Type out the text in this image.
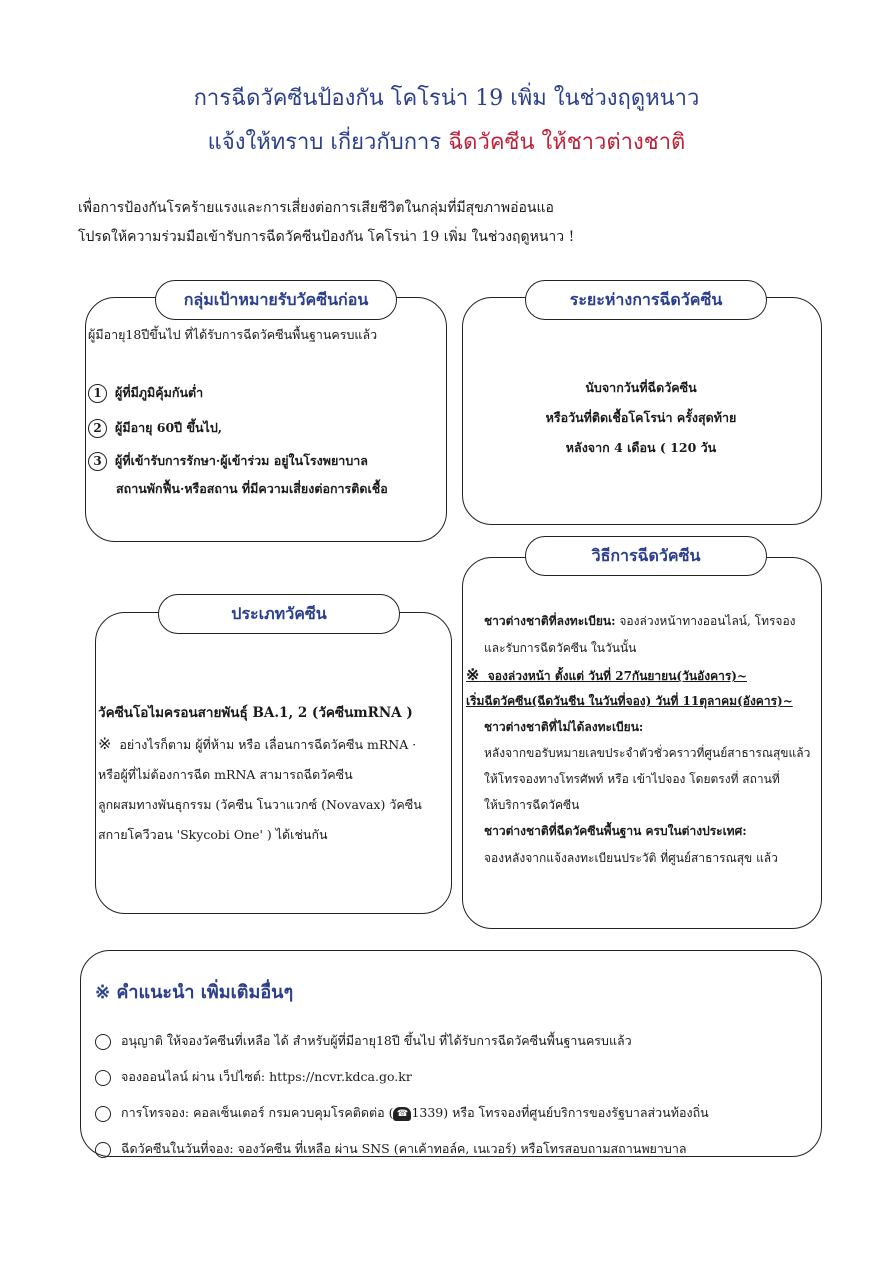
การฉีดวัคซีนป้องกัน โคโรน่า 19 เพิ่ม ในช่วงฤดูหนาว
แจ้งให้ทราบ เกี่ยวกับการ ฉีดวัคซีน ให้ชาวต่างชาติ
เพื่อการป้องกันโรคร้ายแรงและการเสี่ยงต่อการเสียชีวิตในกลุ่มที่มีสุขภาพอ่อนแอ
โปรดให้ความร่วมมือเข้ารับการฉีดวัคซีนป้องกัน โคโรน่า 19 เพิ่ม ในช่วงฤดูหนาว !
กลุ่มเป้าหมายรับวัคซีนก่อน
ผู้มีอายุ18ปีขึ้นไป ที่ได้รับการฉีดวัคซีนพื้นฐานครบแล้ว
1 ผู้ที่มีภูมิคุ้มกันต่ำ
2 ผู้มีอายุ 60ปี ขึ้นไป,
3 ผู้ที่เข้ารับการรักษา·ผู้เข้าร่วม อยู่ในโรงพยาบาล
สถานพักฟื้น·หรือสถาน ที่มีความเสี่ยงต่อการติดเชื้อ
ระยะห่างการฉีดวัคซีน
นับจากวันที่ฉีดวัคซีน
หรือวันที่ติดเชื้อโคโรน่า ครั้งสุดท้าย
หลังจาก 4 เดือน ( 120 วัน
ประเภทวัคซีน
วัคซีนโอไมครอนสายพันธุ์ BA.1, 2 (วัคซีนmRNA )
※ อย่างไรก็ตาม ผู้ที่ห้าม หรือ เลื่อนการฉีดวัคซีน mRNA ·
หรือผู้ที่ไม่ต้องการฉีด mRNA สามารถฉีดวัคซีน
ลูกผสมทางพันธุกรรม (วัคซีน โนวาแวกซ์ (Novavax) วัคซีน
สกายโควีวอน 'Skycobi One' ) ได้เช่นกัน
วิธีการฉีดวัคซีน
ชาวต่างชาติที่ลงทะเบียน: จองล่วงหน้าทางออนไลน์, โทรจอง
และรับการฉีดวัคซีน ในวันนั้น
※ จองล่วงหน้า ตั้งแต่ วันที่ 27กันยายน(วันอังคาร)~
เริ่มฉีดวัคซีน(ฉีดวันชีน ในวันที่จอง) วันที่ 11ตุลาคม(อังคาร)~
ชาวต่างชาติที่ไม่ได้ลงทะเบียน:
หลังจากขอรับหมายเลขประจำตัวชั่วคราวที่ศูนย์สาธารณสุขแล้ว
ให้โทรจองทางโทรศัพท์ หรือ เข้าไปจอง โดยตรงที่ สถานที่
ให้บริการฉีดวัคซีน
ชาวต่างชาติที่ฉีดวัคซีนพื้นฐาน ครบในต่างประเทศ:
จองหลังจากแจ้งลงทะเบียนประวัติ ที่ศูนย์สาธารณสุข แล้ว
※ คำแนะนำ เพิ่มเติมอื่นๆ
อนุญาติ ให้จองวัคซีนที่เหลือ ได้ สำหรับผู้ที่มีอายุ18ปี ขึ้นไป ที่ได้รับการฉีดวัคซีนพื้นฐานครบแล้ว
จองออนไลน์ ผ่าน เว็ปไซต์: https://ncvr.kdca.go.kr
การโทรจอง: คอลเซ็นเตอร์ กรมควบคุมโรคติดต่อ ( ☎ 1339) หรือ โทรจองที่ศูนย์บริการของรัฐบาลส่วนท้องถิ่น
ฉีดวัคซีนในวันที่จอง: จองวัคซีน ที่เหลือ ผ่าน SNS (คาเค้าทอล์ค, เนเวอร์) หรือโทรสอบถามสถานพยาบาล
